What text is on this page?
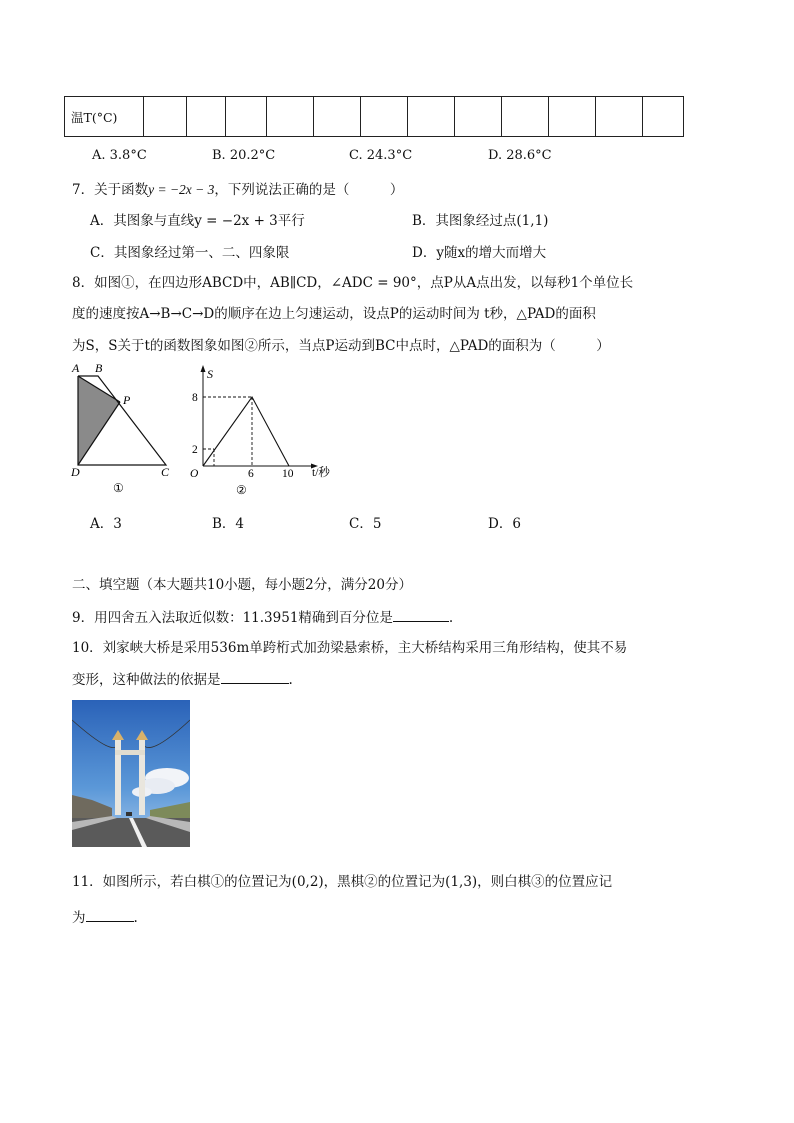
温T(°C)												
A. 3.8°C	B. 20.2°C	C. 24.3°C	D. 28.6°C
7．关于函数y = −2x − 3，下列说法正确的是（　　　）
A．其图象与直线y = −2x + 3平行	B．其图象经过点(1,1)
C．其图象经过第一、二、四象限	D．y随x的增大而增大
8．如图①，在四边形ABCD中，AB∥CD，∠ADC = 90°，点P从A点出发，以每秒1个单位长
度的速度按A→B→C→D的顺序在边上匀速运动，设点P的运动时间为 t秒，△PAD的面积
为S，S关于t的函数图象如图②所示，当点P运动到BC中点时，△PAD的面积为（　　　）
A B
P
D	C
①
S
8
2
O	6 10 t/秒
②
A．3	B．4	C．5	D．6
二、填空题（本大题共10小题，每小题2分，满分20分）
9．用四舍五入法取近似数：11.3951精确到百分位是	.
10．刘家峡大桥是采用536m单跨桁式加劲梁悬索桥，主大桥结构采用三角形结构，使其不易
变形，这种做法的依据是	.
11．如图所示，若白棋①的位置记为(0,2)，黑棋②的位置记为(1,3)，则白棋③的位置应记
为	.
